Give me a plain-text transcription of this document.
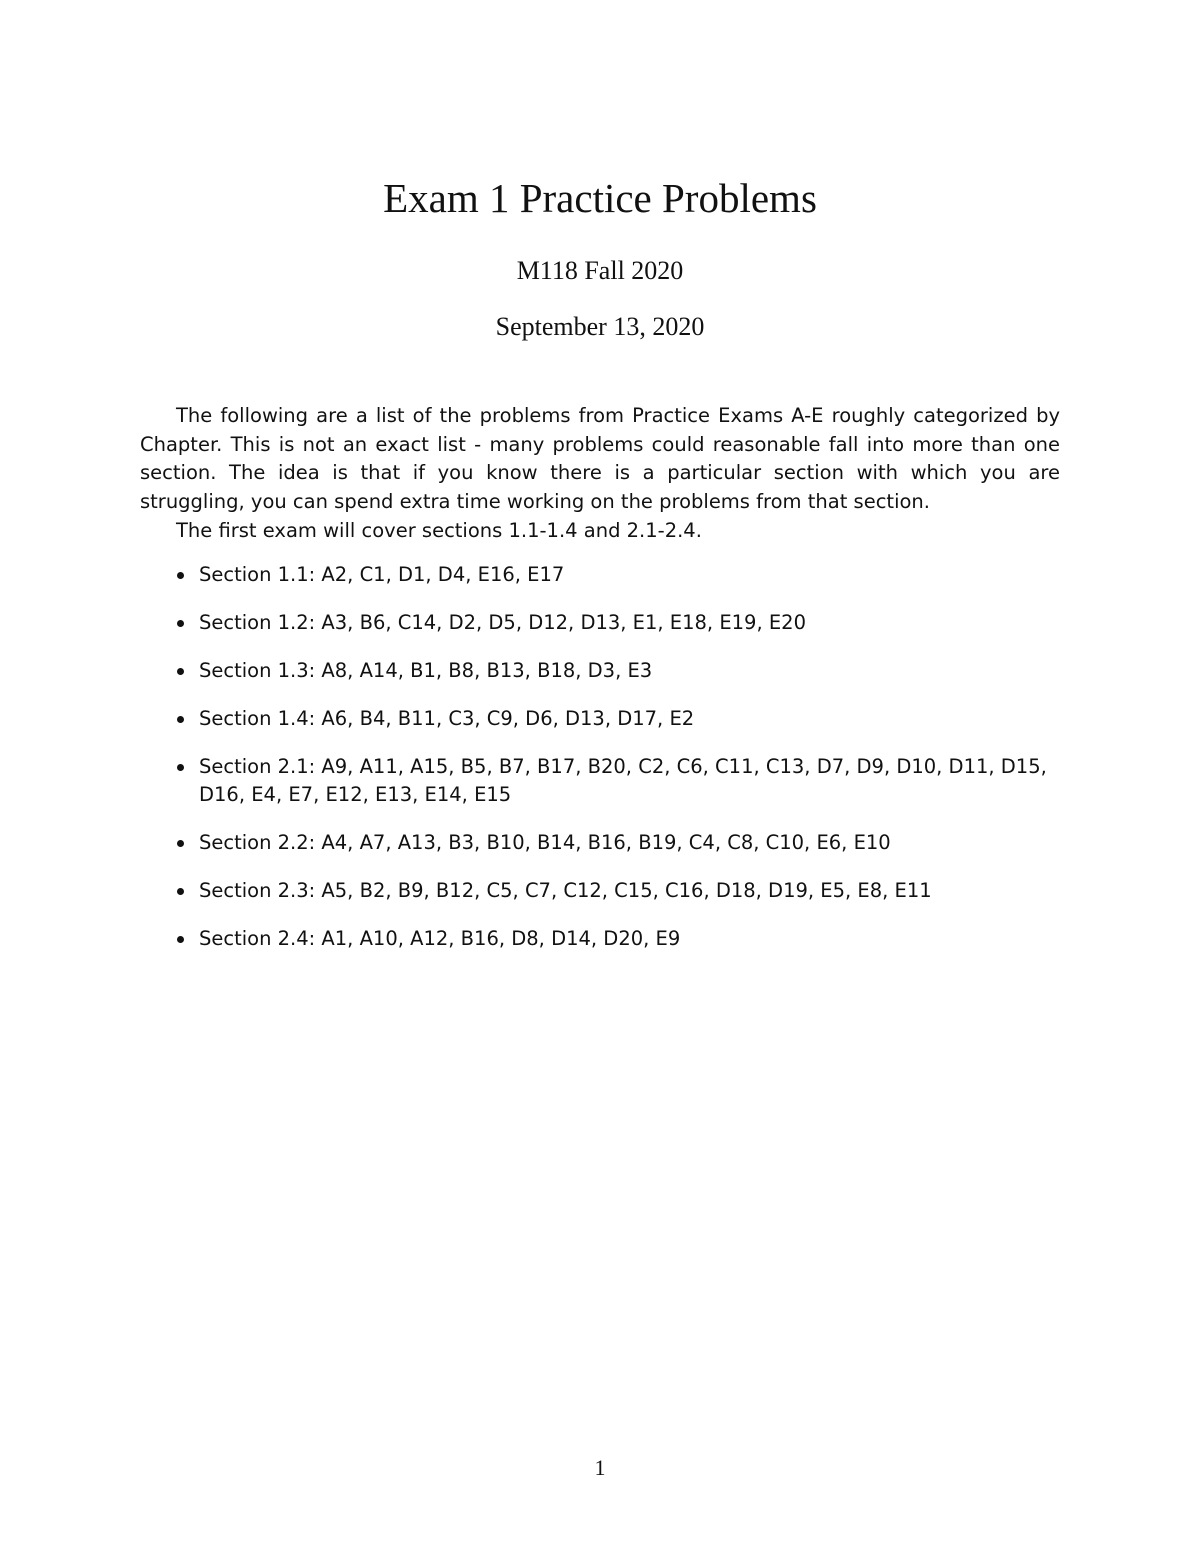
Exam 1 Practice Problems
M118 Fall 2020
September 13, 2020

The following are a list of the problems from Practice Exams A-E roughly categorized by Chapter. This is not an exact list - many problems could reasonable fall into more than one section. The idea is that if you know there is a particular section with which you are struggling, you can spend extra time working on the problems from that section.

The first exam will cover sections 1.1-1.4 and 2.1-2.4.

Section 1.1: A2, C1, D1, D4, E16, E17
Section 1.2: A3, B6, C14, D2, D5, D12, D13, E1, E18, E19, E20
Section 1.3: A8, A14, B1, B8, B13, B18, D3, E3
Section 1.4: A6, B4, B11, C3, C9, D6, D13, D17, E2
Section 2.1: A9, A11, A15, B5, B7, B17, B20, C2, C6, C11, C13, D7, D9, D10, D11, D15, D16, E4, E7, E12, E13, E14, E15
Section 2.2: A4, A7, A13, B3, B10, B14, B16, B19, C4, C8, C10, E6, E10
Section 2.3: A5, B2, B9, B12, C5, C7, C12, C15, C16, D18, D19, E5, E8, E11
Section 2.4: A1, A10, A12, B16, D8, D14, D20, E9
1
